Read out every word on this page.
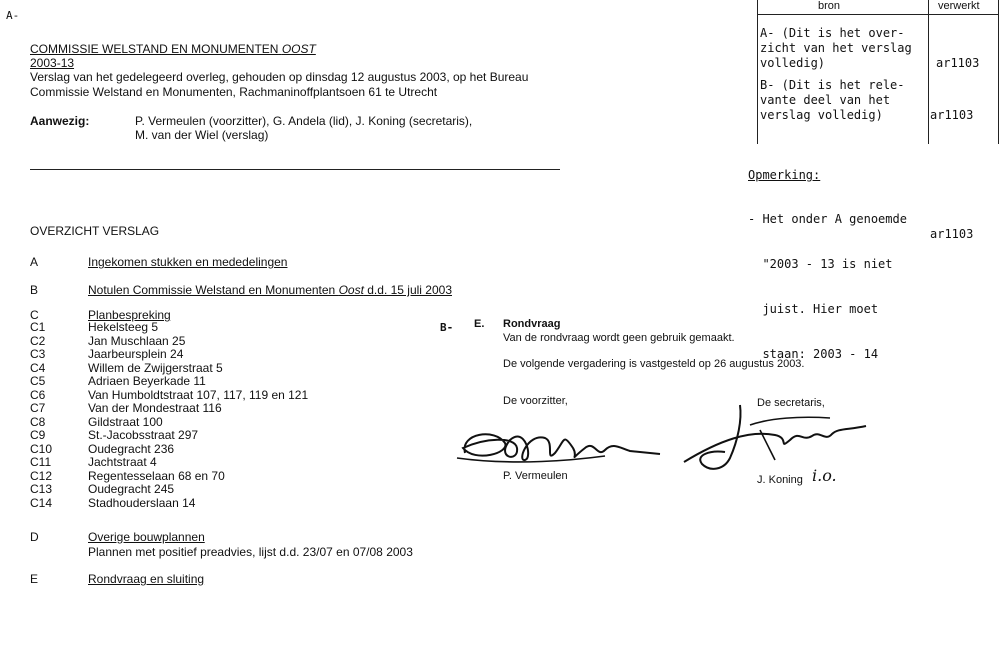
A-
COMMISSIE WELSTAND EN MONUMENTEN OOST
2003-13
Verslag van het gedelegeerd overleg, gehouden op dinsdag 12 augustus 2003, op het Bureau
Commissie Welstand en Monumenten, Rachmaninoffplantsoen 61 te Utrecht
Aanwezig:	P. Vermeulen (voorzitter), G. Andela (lid), J. Koning (secretaris),
M. van der Wiel (verslag)
OVERZICHT VERSLAG
A	Ingekomen stukken en mededelingen
B	Notulen Commissie Welstand en Monumenten Oost d.d. 15 juli 2003
C	Planbespreking
C1	Hekelsteeg 5
C2	Jan Muschlaan 25
C3	Jaarbeursplein 24
C4	Willem de Zwijgerstraat 5
C5	Adriaen Beyerkade 11
C6	Van Humboldtstraat 107, 117, 119 en 121
C7	Van der Mondestraat 116
C8	Gildstraat 100
C9	St.-Jacobsstraat 297
C10	Oudegracht 236
C11	Jachtstraat 4
C12	Regentesselaan 68 en 70
C13	Oudegracht 245
C14	Stadhouderslaan 14
D	Overige bouwplannen
Plannen met positief preadvies, lijst d.d. 23/07 en 07/08 2003
E	Rondvraag en sluiting
B- E. Rondvraag
Van de rondvraag wordt geen gebruik gemaakt.
De volgende vergadering is vastgesteld op 26 augustus 2003.
De voorzitter,	De secretaris,
P. Vermeulen	J. Koning i.o.
bron	verwerkt
A- (Dit is het over-
zicht van het verslag
volledig)	ar1103
B- (Dit is het rele-
vante deel van het
verslag volledig)	ar1103
Opmerking:

- Het onder A genoemde

"2003 - 13 is niet

juist. Hier moet

staan: 2003 - 14

ar1103
